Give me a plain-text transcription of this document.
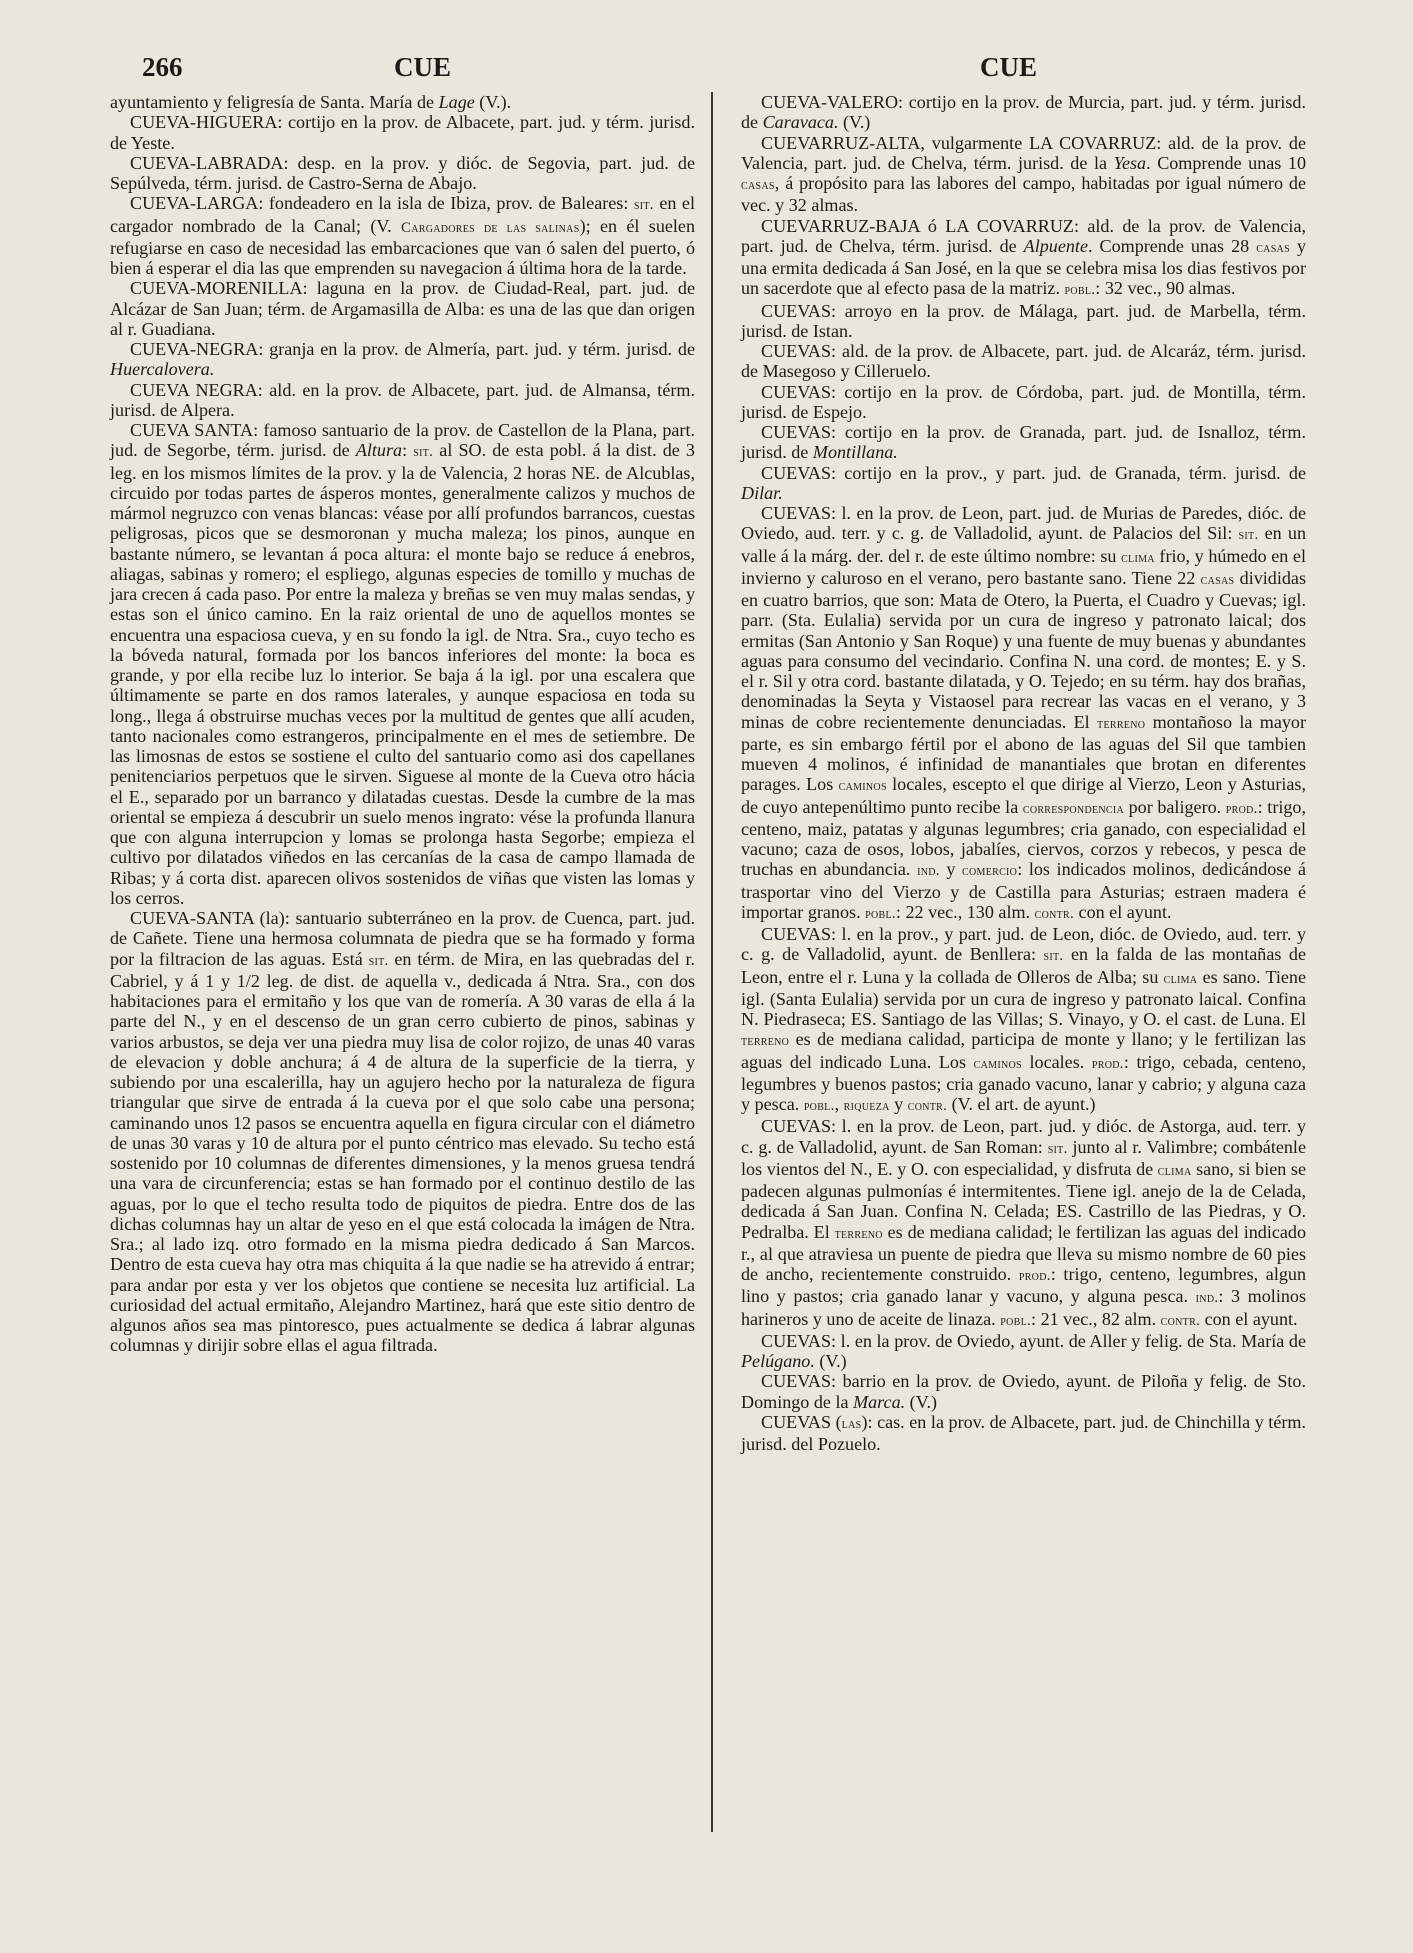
266	CUE	CUE

ayuntamiento y feligresía de Santa. María de Lage (V.).

CUEVA-HIGUERA: cortijo en la prov. de Albacete, part. jud. y térm. jurisd. de Yeste.

CUEVA-LABRADA: desp. en la prov. y dióc. de Segovia, part. jud. de Sepúlveda, térm. jurisd. de Castro-Serna de Abajo.

CUEVA-LARGA: fondeadero en la isla de Ibiza, prov. de Baleares: sit. en el cargador nombrado de la Canal; (V. Cargadores de las salinas); en él suelen refugiarse en caso de necesidad las embarcaciones que van ó salen del puerto, ó bien á esperar el dia las que emprenden su navegacion á última hora de la tarde.

CUEVA-MORENILLA: laguna en la prov. de Ciudad-Real, part. jud. de Alcázar de San Juan; térm. de Argamasilla de Alba: es una de las que dan origen al r. Guadiana.

CUEVA-NEGRA: granja en la prov. de Almería, part. jud. y térm. jurisd. de Huercalovera.

CUEVA NEGRA: ald. en la prov. de Albacete, part. jud. de Almansa, térm. jurisd. de Alpera.

CUEVA SANTA: famoso santuario de la prov. de Castellon de la Plana, part. jud. de Segorbe, térm. jurisd. de Altura: sit. al SO. de esta pobl. á la dist. de 3 leg. en los mismos límites de la prov. y la de Valencia, 2 horas NE. de Alcublas, circuido por todas partes de ásperos montes, generalmente calizos y muchos de mármol negruzco con venas blancas: véase por allí profundos barrancos, cuestas peligrosas, picos que se desmoronan y mucha maleza; los pinos, aunque en bastante número, se levantan á poca altura: el monte bajo se reduce á enebros, aliagas, sabinas y romero; el espliego, algunas especies de tomillo y muchas de jara crecen á cada paso. Por entre la maleza y breñas se ven muy malas sendas, y estas son el único camino. En la raiz oriental de uno de aquellos montes se encuentra una espaciosa cueva, y en su fondo la igl. de Ntra. Sra., cuyo techo es la bóveda natural, formada por los bancos inferiores del monte: la boca es grande, y por ella recibe luz lo interior. Se baja á la igl. por una escalera que últimamente se parte en dos ramos laterales, y aunque espaciosa en toda su long., llega á obstruirse muchas veces por la multitud de gentes que allí acuden, tanto nacionales como estrangeros, principalmente en el mes de setiembre. De las limosnas de estos se sostiene el culto del santuario como asi dos capellanes penitenciarios perpetuos que le sirven. Siguese al monte de la Cueva otro hácia el E., separado por un barranco y dilatadas cuestas. Desde la cumbre de la mas oriental se empieza á descubrir un suelo menos ingrato: vése la profunda llanura que con alguna interrupcion y lomas se prolonga hasta Segorbe; empieza el cultivo por dilatados viñedos en las cercanías de la casa de campo llamada de Ribas; y á corta dist. aparecen olivos sostenidos de viñas que visten las lomas y los cerros.

CUEVA-SANTA (la): santuario subterráneo en la prov. de Cuenca, part. jud. de Cañete. Tiene una hermosa columnata de piedra que se ha formado y forma por la filtracion de las aguas. Está sit. en térm. de Mira, en las quebradas del r. Cabriel, y á 1 y 1/2 leg. de dist. de aquella v., dedicada á Ntra. Sra., con dos habitaciones para el ermitaño y los que van de romería. A 30 varas de ella á la parte del N., y en el descenso de un gran cerro cubierto de pinos, sabinas y varios arbustos, se deja ver una piedra muy lisa de color rojizo, de unas 40 varas de elevacion y doble anchura; á 4 de altura de la superficie de la tierra, y subiendo por una escalerilla, hay un agujero hecho por la naturaleza de figura triangular que sirve de entrada á la cueva por el que solo cabe una persona; caminando unos 12 pasos se encuentra aquella en figura circular con el diámetro de unas 30 varas y 10 de altura por el punto céntrico mas elevado. Su techo está sostenido por 10 columnas de diferentes dimensiones, y la menos gruesa tendrá una vara de circunferencia; estas se han formado por el continuo destilo de las aguas, por lo que el techo resulta todo de piquitos de piedra. Entre dos de las dichas columnas hay un altar de yeso en el que está colocada la imágen de Ntra. Sra.; al lado izq. otro formado en la misma piedra dedicado á San Marcos. Dentro de esta cueva hay otra mas chiquita á la que nadie se ha atrevido á entrar; para andar por esta y ver los objetos que contiene se necesita luz artificial. La curiosidad del actual ermitaño, Alejandro Martinez, hará que este sitio dentro de algunos años sea mas pintoresco, pues actualmente se dedica á labrar algunas columnas y dirijir sobre ellas el agua filtrada.

CUEVA-VALERO: cortijo en la prov. de Murcia, part. jud. y térm. jurisd. de Caravaca. (V.)

CUEVARRUZ-ALTA, vulgarmente LA COVARRUZ: ald. de la prov. de Valencia, part. jud. de Chelva, térm. jurisd. de la Yesa. Comprende unas 10 casas, á propósito para las labores del campo, habitadas por igual número de vec. y 32 almas.

CUEVARRUZ-BAJA ó LA COVARRUZ: ald. de la prov. de Valencia, part. jud. de Chelva, térm. jurisd. de Alpuente. Comprende unas 28 casas y una ermita dedicada á San José, en la que se celebra misa los dias festivos por un sacerdote que al efecto pasa de la matriz. pobl.: 32 vec., 90 almas.

CUEVAS: arroyo en la prov. de Málaga, part. jud. de Marbella, térm. jurisd. de Istan.

CUEVAS: ald. de la prov. de Albacete, part. jud. de Alcaráz, térm. jurisd. de Masegoso y Cilleruelo.

CUEVAS: cortijo en la prov. de Córdoba, part. jud. de Montilla, térm. jurisd. de Espejo.

CUEVAS: cortijo en la prov. de Granada, part. jud. de Isnalloz, térm. jurisd. de Montillana.

CUEVAS: cortijo en la prov., y part. jud. de Granada, térm. jurisd. de Dilar.

CUEVAS: l. en la prov. de Leon, part. jud. de Murias de Paredes, dióc. de Oviedo, aud. terr. y c. g. de Valladolid, ayunt. de Palacios del Sil: sit. en un valle á la márg. der. del r. de este último nombre: su clima frio, y húmedo en el invierno y caluroso en el verano, pero bastante sano. Tiene 22 casas divididas en cuatro barrios, que son: Mata de Otero, la Puerta, el Cuadro y Cuevas; igl. parr. (Sta. Eulalia) servida por un cura de ingreso y patronato laical; dos ermitas (San Antonio y San Roque) y una fuente de muy buenas y abundantes aguas para consumo del vecindario. Confina N. una cord. de montes; E. y S. el r. Sil y otra cord. bastante dilatada, y O. Tejedo; en su térm. hay dos brañas, denominadas la Seyta y Vistaosel para recrear las vacas en el verano, y 3 minas de cobre recientemente denunciadas. El terreno montañoso la mayor parte, es sin embargo fértil por el abono de las aguas del Sil que tambien mueven 4 molinos, é infinidad de manantiales que brotan en diferentes parages. Los caminos locales, escepto el que dirige al Vierzo, Leon y Asturias, de cuyo antepenúltimo punto recibe la correspondencia por baligero. prod.: trigo, centeno, maiz, patatas y algunas legumbres; cria ganado, con especialidad el vacuno; caza de osos, lobos, jabalíes, ciervos, corzos y rebecos, y pesca de truchas en abundancia. ind. y comercio: los indicados molinos, dedicándose á trasportar vino del Vierzo y de Castilla para Asturias; estraen madera é importar granos. pobl.: 22 vec., 130 alm. contr. con el ayunt.

CUEVAS: l. en la prov., y part. jud. de Leon, dióc. de Oviedo, aud. terr. y c. g. de Valladolid, ayunt. de Benllera: sit. en la falda de las montañas de Leon, entre el r. Luna y la collada de Olleros de Alba; su clima es sano. Tiene igl. (Santa Eulalia) servida por un cura de ingreso y patronato laical. Confina N. Piedraseca; ES. Santiago de las Villas; S. Vinayo, y O. el cast. de Luna. El terreno es de mediana calidad, participa de monte y llano; y le fertilizan las aguas del indicado Luna. Los caminos locales. prod.: trigo, cebada, centeno, legumbres y buenos pastos; cria ganado vacuno, lanar y cabrio; y alguna caza y pesca. pobl., riqueza y contr. (V. el art. de ayunt.)

CUEVAS: l. en la prov. de Leon, part. jud. y dióc. de Astorga, aud. terr. y c. g. de Valladolid, ayunt. de San Roman: sit. junto al r. Valimbre; combátenle los vientos del N., E. y O. con especialidad, y disfruta de clima sano, si bien se padecen algunas pulmonías é intermitentes. Tiene igl. anejo de la de Celada, dedicada á San Juan. Confina N. Celada; ES. Castrillo de las Piedras, y O. Pedralba. El terreno es de mediana calidad; le fertilizan las aguas del indicado r., al que atraviesa un puente de piedra que lleva su mismo nombre de 60 pies de ancho, recientemente construido. prod.: trigo, centeno, legumbres, algun lino y pastos; cria ganado lanar y vacuno, y alguna pesca. ind.: 3 molinos harineros y uno de aceite de linaza. pobl.: 21 vec., 82 alm. contr. con el ayunt.

CUEVAS: l. en la prov. de Oviedo, ayunt. de Aller y felig. de Sta. María de Pelúgano. (V.)

CUEVAS: barrio en la prov. de Oviedo, ayunt. de Piloña y felig. de Sto. Domingo de la Marca. (V.)

CUEVAS (las): cas. en la prov. de Albacete, part. jud. de Chinchilla y térm. jurisd. del Pozuelo.
